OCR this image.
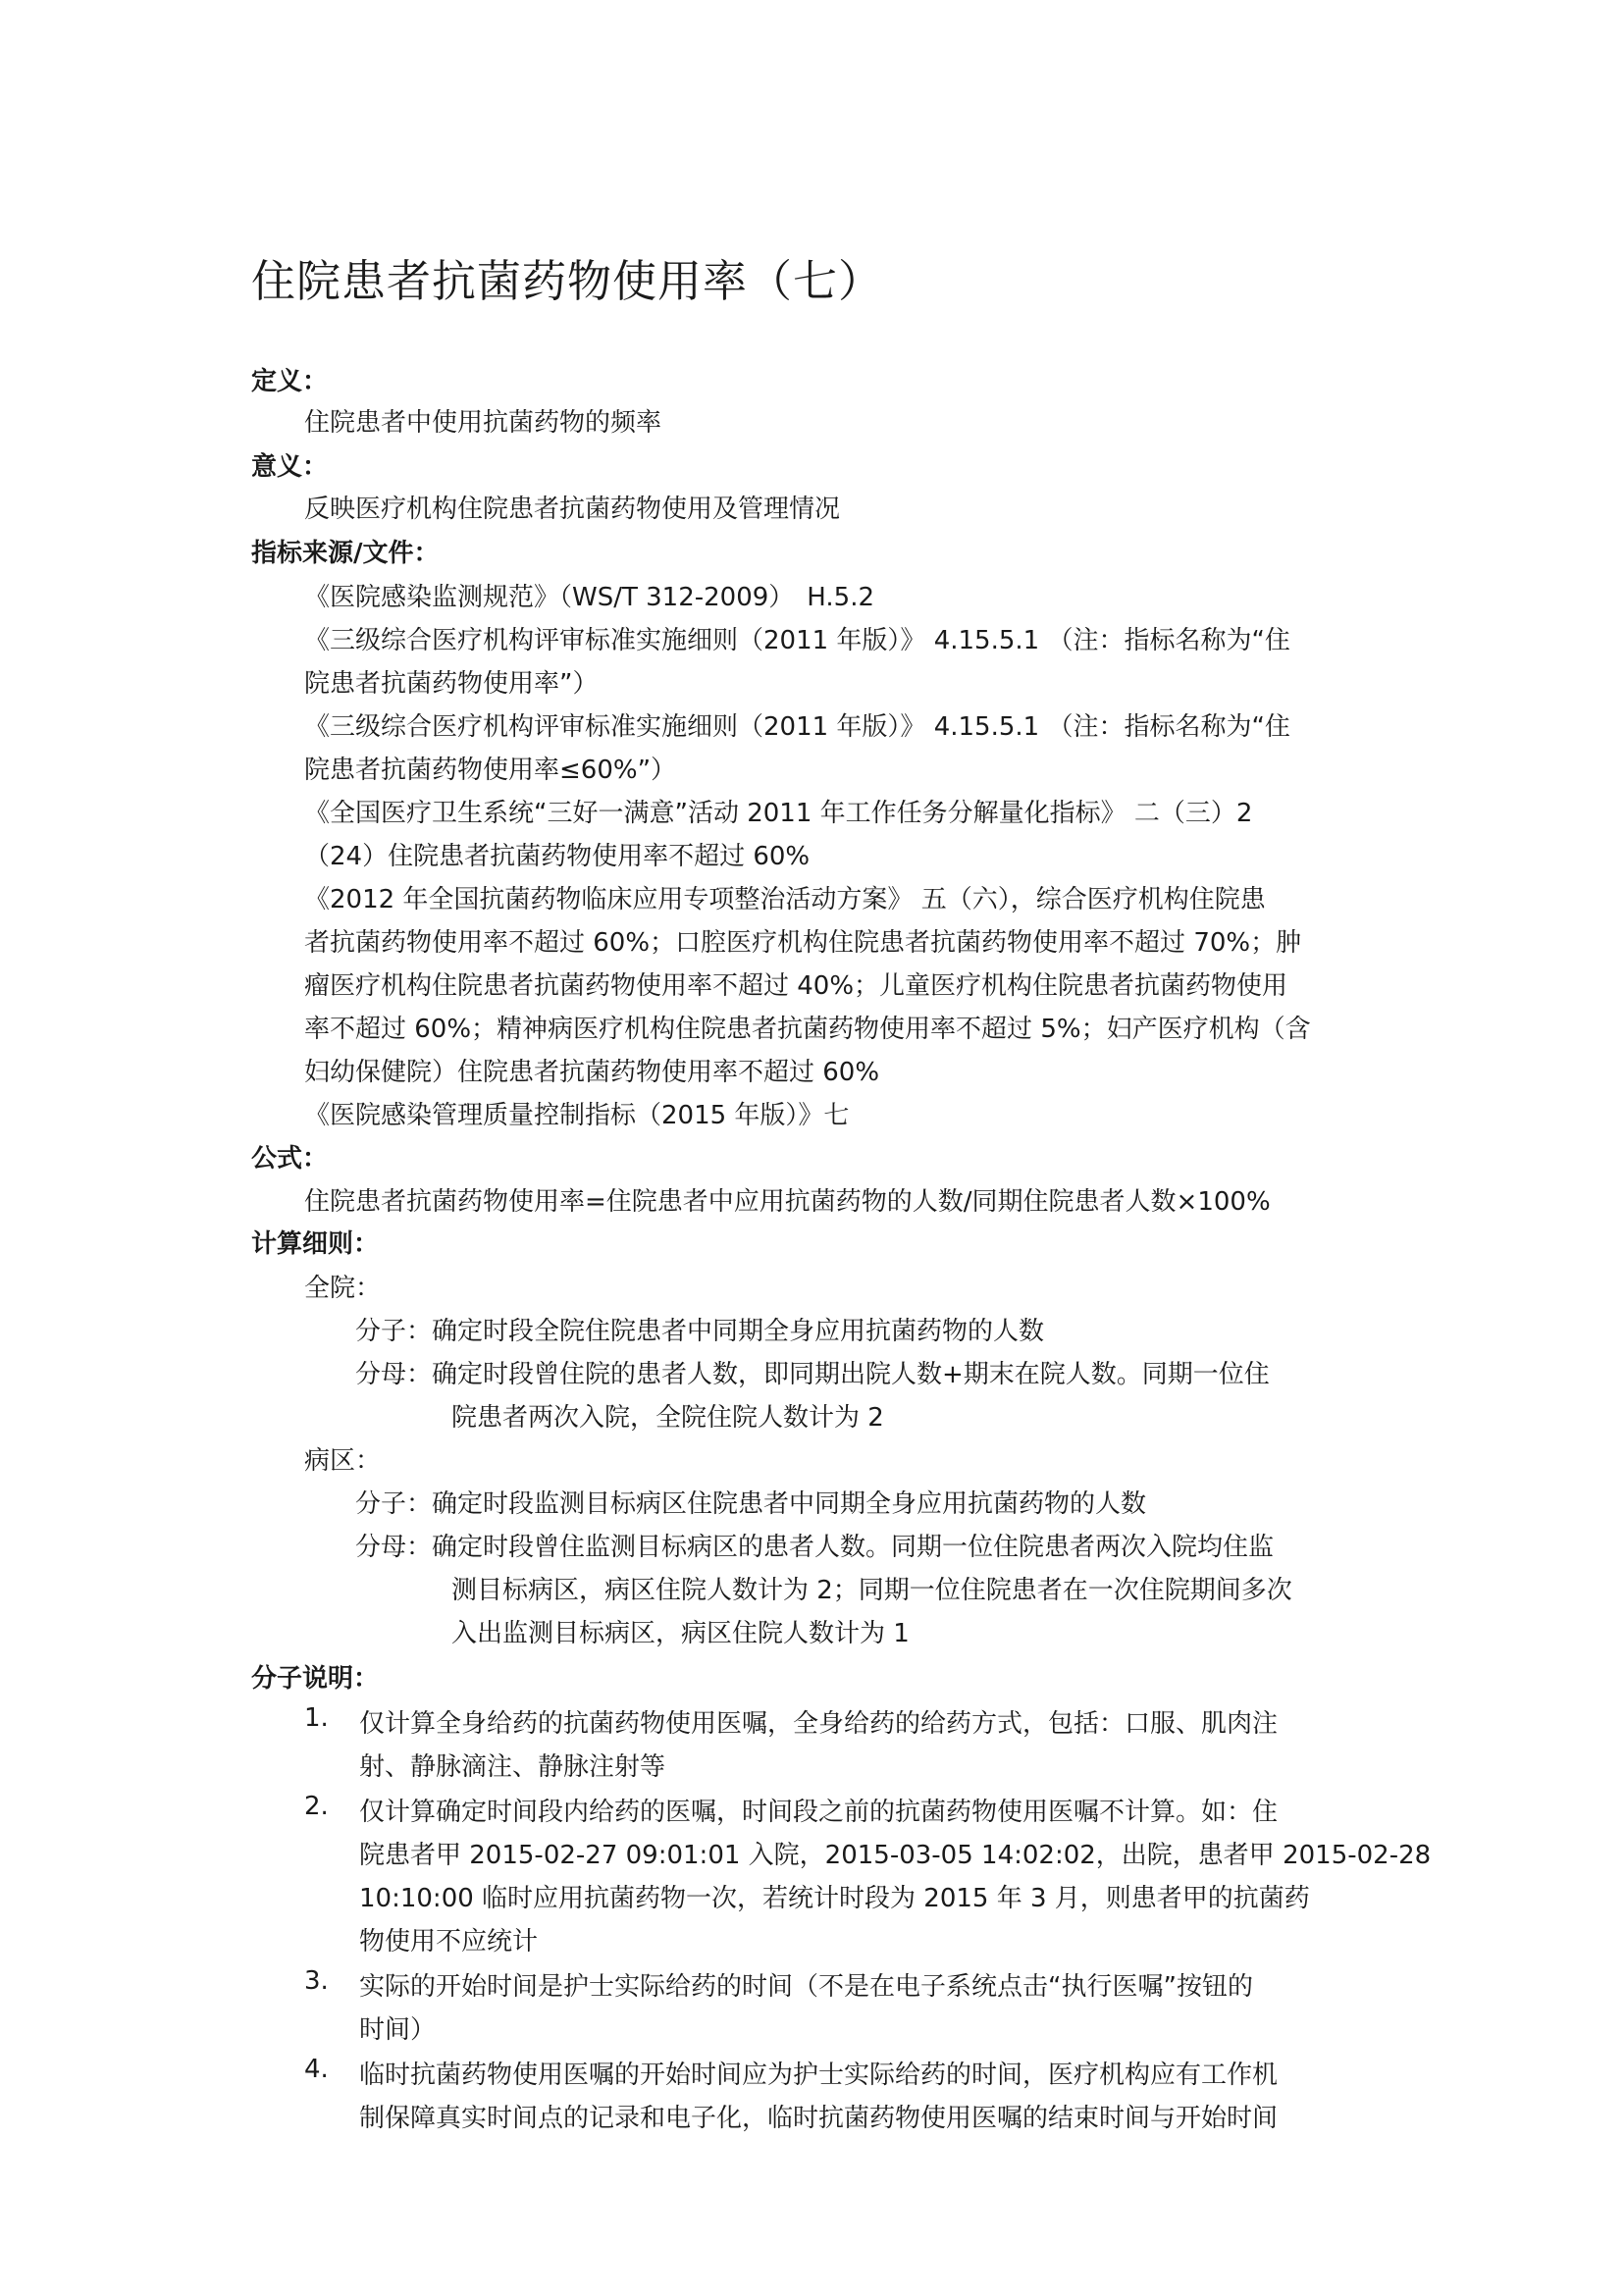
住院患者抗菌药物使用率（七）

定义：

住院患者中使用抗菌药物的频率

意义：

反映医疗机构住院患者抗菌药物使用及管理情况

指标来源/文件：

《医院感染监测规范》（WS/T 312-2009）　H.5.2

《三级综合医疗机构评审标准实施细则（2011 年版）》 4.15.5.1 （注：指标名称为“住

院患者抗菌药物使用率”）

《三级综合医疗机构评审标准实施细则（2011 年版）》 4.15.5.1 （注：指标名称为“住

院患者抗菌药物使用率≤60%”）

《全国医疗卫生系统“三好一满意”活动 2011 年工作任务分解量化指标》 二（三）2

（24）住院患者抗菌药物使用率不超过 60%

《2012 年全国抗菌药物临床应用专项整治活动方案》 五（六），综合医疗机构住院患

者抗菌药物使用率不超过 60%；口腔医疗机构住院患者抗菌药物使用率不超过 70%；肿

瘤医疗机构住院患者抗菌药物使用率不超过 40%；儿童医疗机构住院患者抗菌药物使用

率不超过 60%；精神病医疗机构住院患者抗菌药物使用率不超过 5%；妇产医疗机构（含

妇幼保健院）住院患者抗菌药物使用率不超过 60%

《医院感染管理质量控制指标（2015 年版）》七

公式：

住院患者抗菌药物使用率=住院患者中应用抗菌药物的人数/同期住院患者人数×100%

计算细则：

全院：

分子：确定时段全院住院患者中同期全身应用抗菌药物的人数

分母：确定时段曾住院的患者人数，即同期出院人数+期末在院人数。同期一位住

院患者两次入院，全院住院人数计为 2

病区：

分子：确定时段监测目标病区住院患者中同期全身应用抗菌药物的人数

分母：确定时段曾住监测目标病区的患者人数。同期一位住院患者两次入院均住监

测目标病区，病区住院人数计为 2；同期一位住院患者在一次住院期间多次

入出监测目标病区，病区住院人数计为 1

分子说明：

1. 仅计算全身给药的抗菌药物使用医嘱，全身给药的给药方式，包括：口服、肌肉注

射、静脉滴注、静脉注射等

2. 仅计算确定时间段内给药的医嘱，时间段之前的抗菌药物使用医嘱不计算。如：住

院患者甲 2015-02-27 09:01:01 入院，2015-03-05 14:02:02，出院，患者甲 2015-02-28

10:10:00 临时应用抗菌药物一次，若统计时段为 2015 年 3 月，则患者甲的抗菌药

物使用不应统计

3. 实际的开始时间是护士实际给药的时间（不是在电子系统点击“执行医嘱”按钮的

时间）

4. 临时抗菌药物使用医嘱的开始时间应为护士实际给药的时间，医疗机构应有工作机

制保障真实时间点的记录和电子化，临时抗菌药物使用医嘱的结束时间与开始时间
